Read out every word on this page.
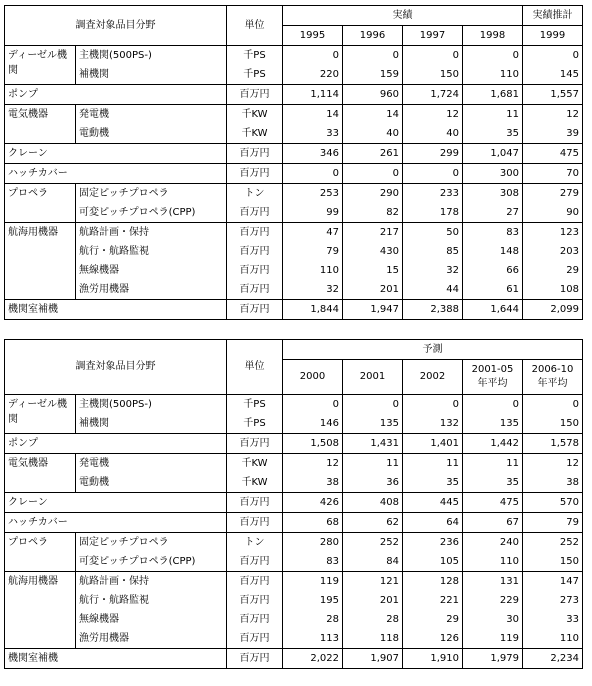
調査対象品目分野		単位	実績				実績推計
			1995	1996	1997	1998	1999
ディーゼル機関	主機関(500PS-)	千PS	0	0	0	0	0
	補機関	千PS	220	159	150	110	145
ポンプ		百万円	1,114	960	1,724	1,681	1,557
電気機器	発電機	千KW	14	14	12	11	12
	電動機	千KW	33	40	40	35	39
クレーン		百万円	346	261	299	1,047	475
ハッチカバー		百万円	0	0	0	300	70
プロペラ	固定ピッチプロペラ	トン	253	290	233	308	279
	可変ピッチプロペラ(CPP)	百万円	99	82	178	27	90
航海用機器	航路計画・保持	百万円	47	217	50	83	123
	航行・航路監視	百万円	79	430	85	148	203
	無線機器	百万円	110	15	32	66	29
	漁労用機器	百万円	32	201	44	61	108
機関室補機		百万円	1,844	1,947	2,388	1,644	2,099
調査対象品目分野		単位	予測				
			2000	2001	2002	2001-05 年平均	2006-10 年平均
ディーゼル機関	主機関(500PS-)	千PS	0	0	0	0	0
	補機関	千PS	146	135	132	135	150
ポンプ		百万円	1,508	1,431	1,401	1,442	1,578
電気機器	発電機	千KW	12	11	11	11	12
	電動機	千KW	38	36	35	35	38
クレーン		百万円	426	408	445	475	570
ハッチカバー		百万円	68	62	64	67	79
プロペラ	固定ピッチプロペラ	トン	280	252	236	240	252
	可変ピッチプロペラ(CPP)	百万円	83	84	105	110	150
航海用機器	航路計画・保持	百万円	119	121	128	131	147
	航行・航路監視	百万円	195	201	221	229	273
	無線機器	百万円	28	28	29	30	33
	漁労用機器	百万円	113	118	126	119	110
機関室補機		百万円	2,022	1,907	1,910	1,979	2,234
